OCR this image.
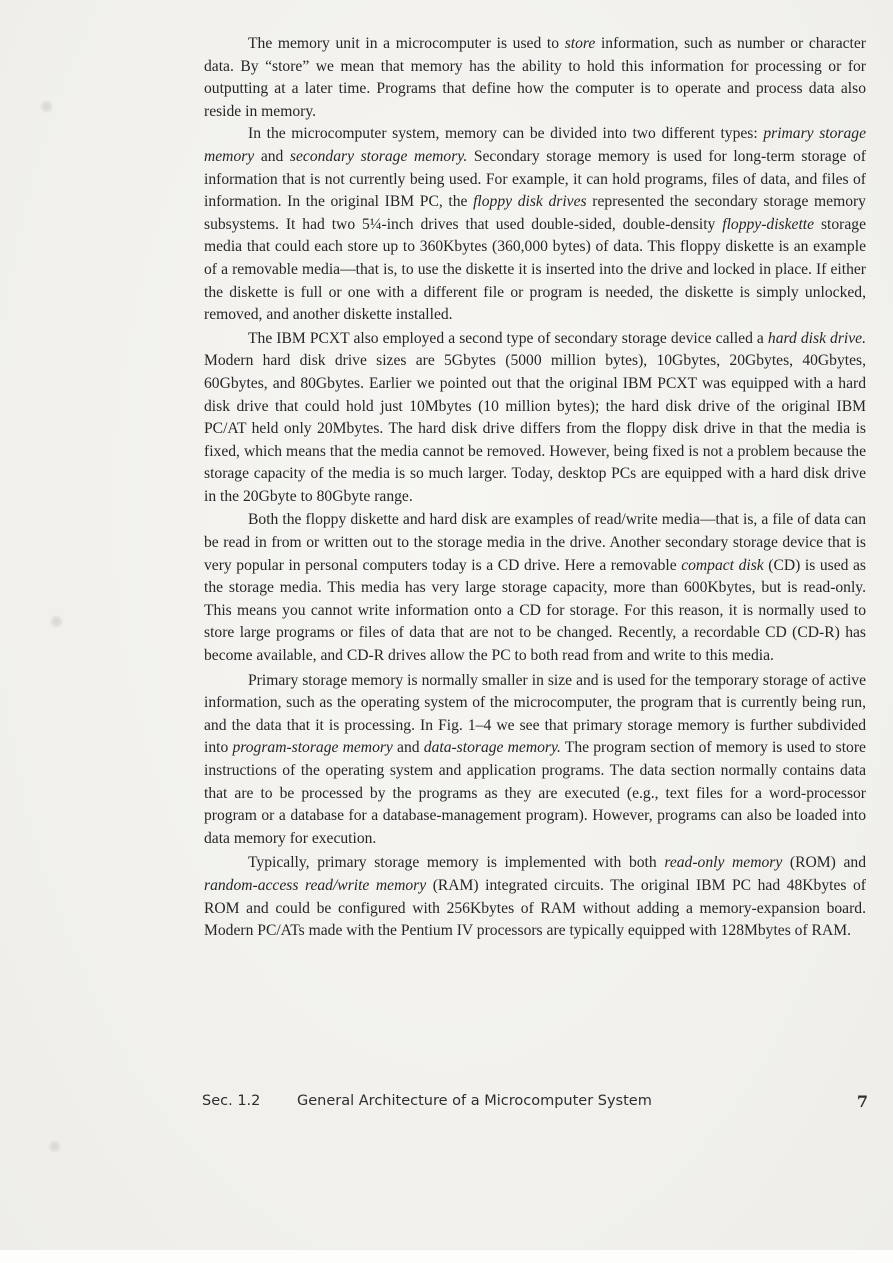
The memory unit in a microcomputer is used to store information, such as number or character data. By “store” we mean that memory has the ability to hold this information for processing or for outputting at a later time. Programs that define how the computer is to operate and process data also reside in memory.

In the microcomputer system, memory can be divided into two different types: primary storage memory and secondary storage memory. Secondary storage memory is used for long-term storage of information that is not currently being used. For example, it can hold programs, files of data, and files of information. In the original IBM PC, the floppy disk drives represented the secondary storage memory subsystems. It had two 5¼-inch drives that used double-sided, double-density floppy-diskette storage media that could each store up to 360Kbytes (360,000 bytes) of data. This floppy diskette is an example of a removable media—that is, to use the diskette it is inserted into the drive and locked in place. If either the diskette is full or one with a different file or program is needed, the diskette is simply unlocked, removed, and another diskette installed.

The IBM PCXT also employed a second type of secondary storage device called a hard disk drive. Modern hard disk drive sizes are 5Gbytes (5000 million bytes), 10Gbytes, 20Gbytes, 40Gbytes, 60Gbytes, and 80Gbytes. Earlier we pointed out that the original IBM PCXT was equipped with a hard disk drive that could hold just 10Mbytes (10 million bytes); the hard disk drive of the original IBM PC/AT held only 20Mbytes. The hard disk drive differs from the floppy disk drive in that the media is fixed, which means that the media cannot be removed. However, being fixed is not a problem because the storage capacity of the media is so much larger. Today, desktop PCs are equipped with a hard disk drive in the 20Gbyte to 80Gbyte range.

Both the floppy diskette and hard disk are examples of read/write media—that is, a file of data can be read in from or written out to the storage media in the drive. Another secondary storage device that is very popular in personal computers today is a CD drive. Here a removable compact disk (CD) is used as the storage media. This media has very large storage capacity, more than 600Kbytes, but is read-only. This means you cannot write information onto a CD for storage. For this reason, it is normally used to store large programs or files of data that are not to be changed. Recently, a recordable CD (CD-R) has become available, and CD-R drives allow the PC to both read from and write to this media.

Primary storage memory is normally smaller in size and is used for the temporary storage of active information, such as the operating system of the microcomputer, the program that is currently being run, and the data that it is processing. In Fig. 1–4 we see that primary storage memory is further subdivided into program-storage memory and data-storage memory. The program section of memory is used to store instructions of the operating system and application programs. The data section normally contains data that are to be processed by the programs as they are executed (e.g., text files for a word-processor program or a database for a database-management program). However, programs can also be loaded into data memory for execution.

Typically, primary storage memory is implemented with both read-only memory (ROM) and random-access read/write memory (RAM) integrated circuits. The original IBM PC had 48Kbytes of ROM and could be configured with 256Kbytes of RAM without adding a memory-expansion board. Modern PC/ATs made with the Pentium IV processors are typically equipped with 128Mbytes of RAM.

Sec. 1.2	General Architecture of a Microcomputer System	7
